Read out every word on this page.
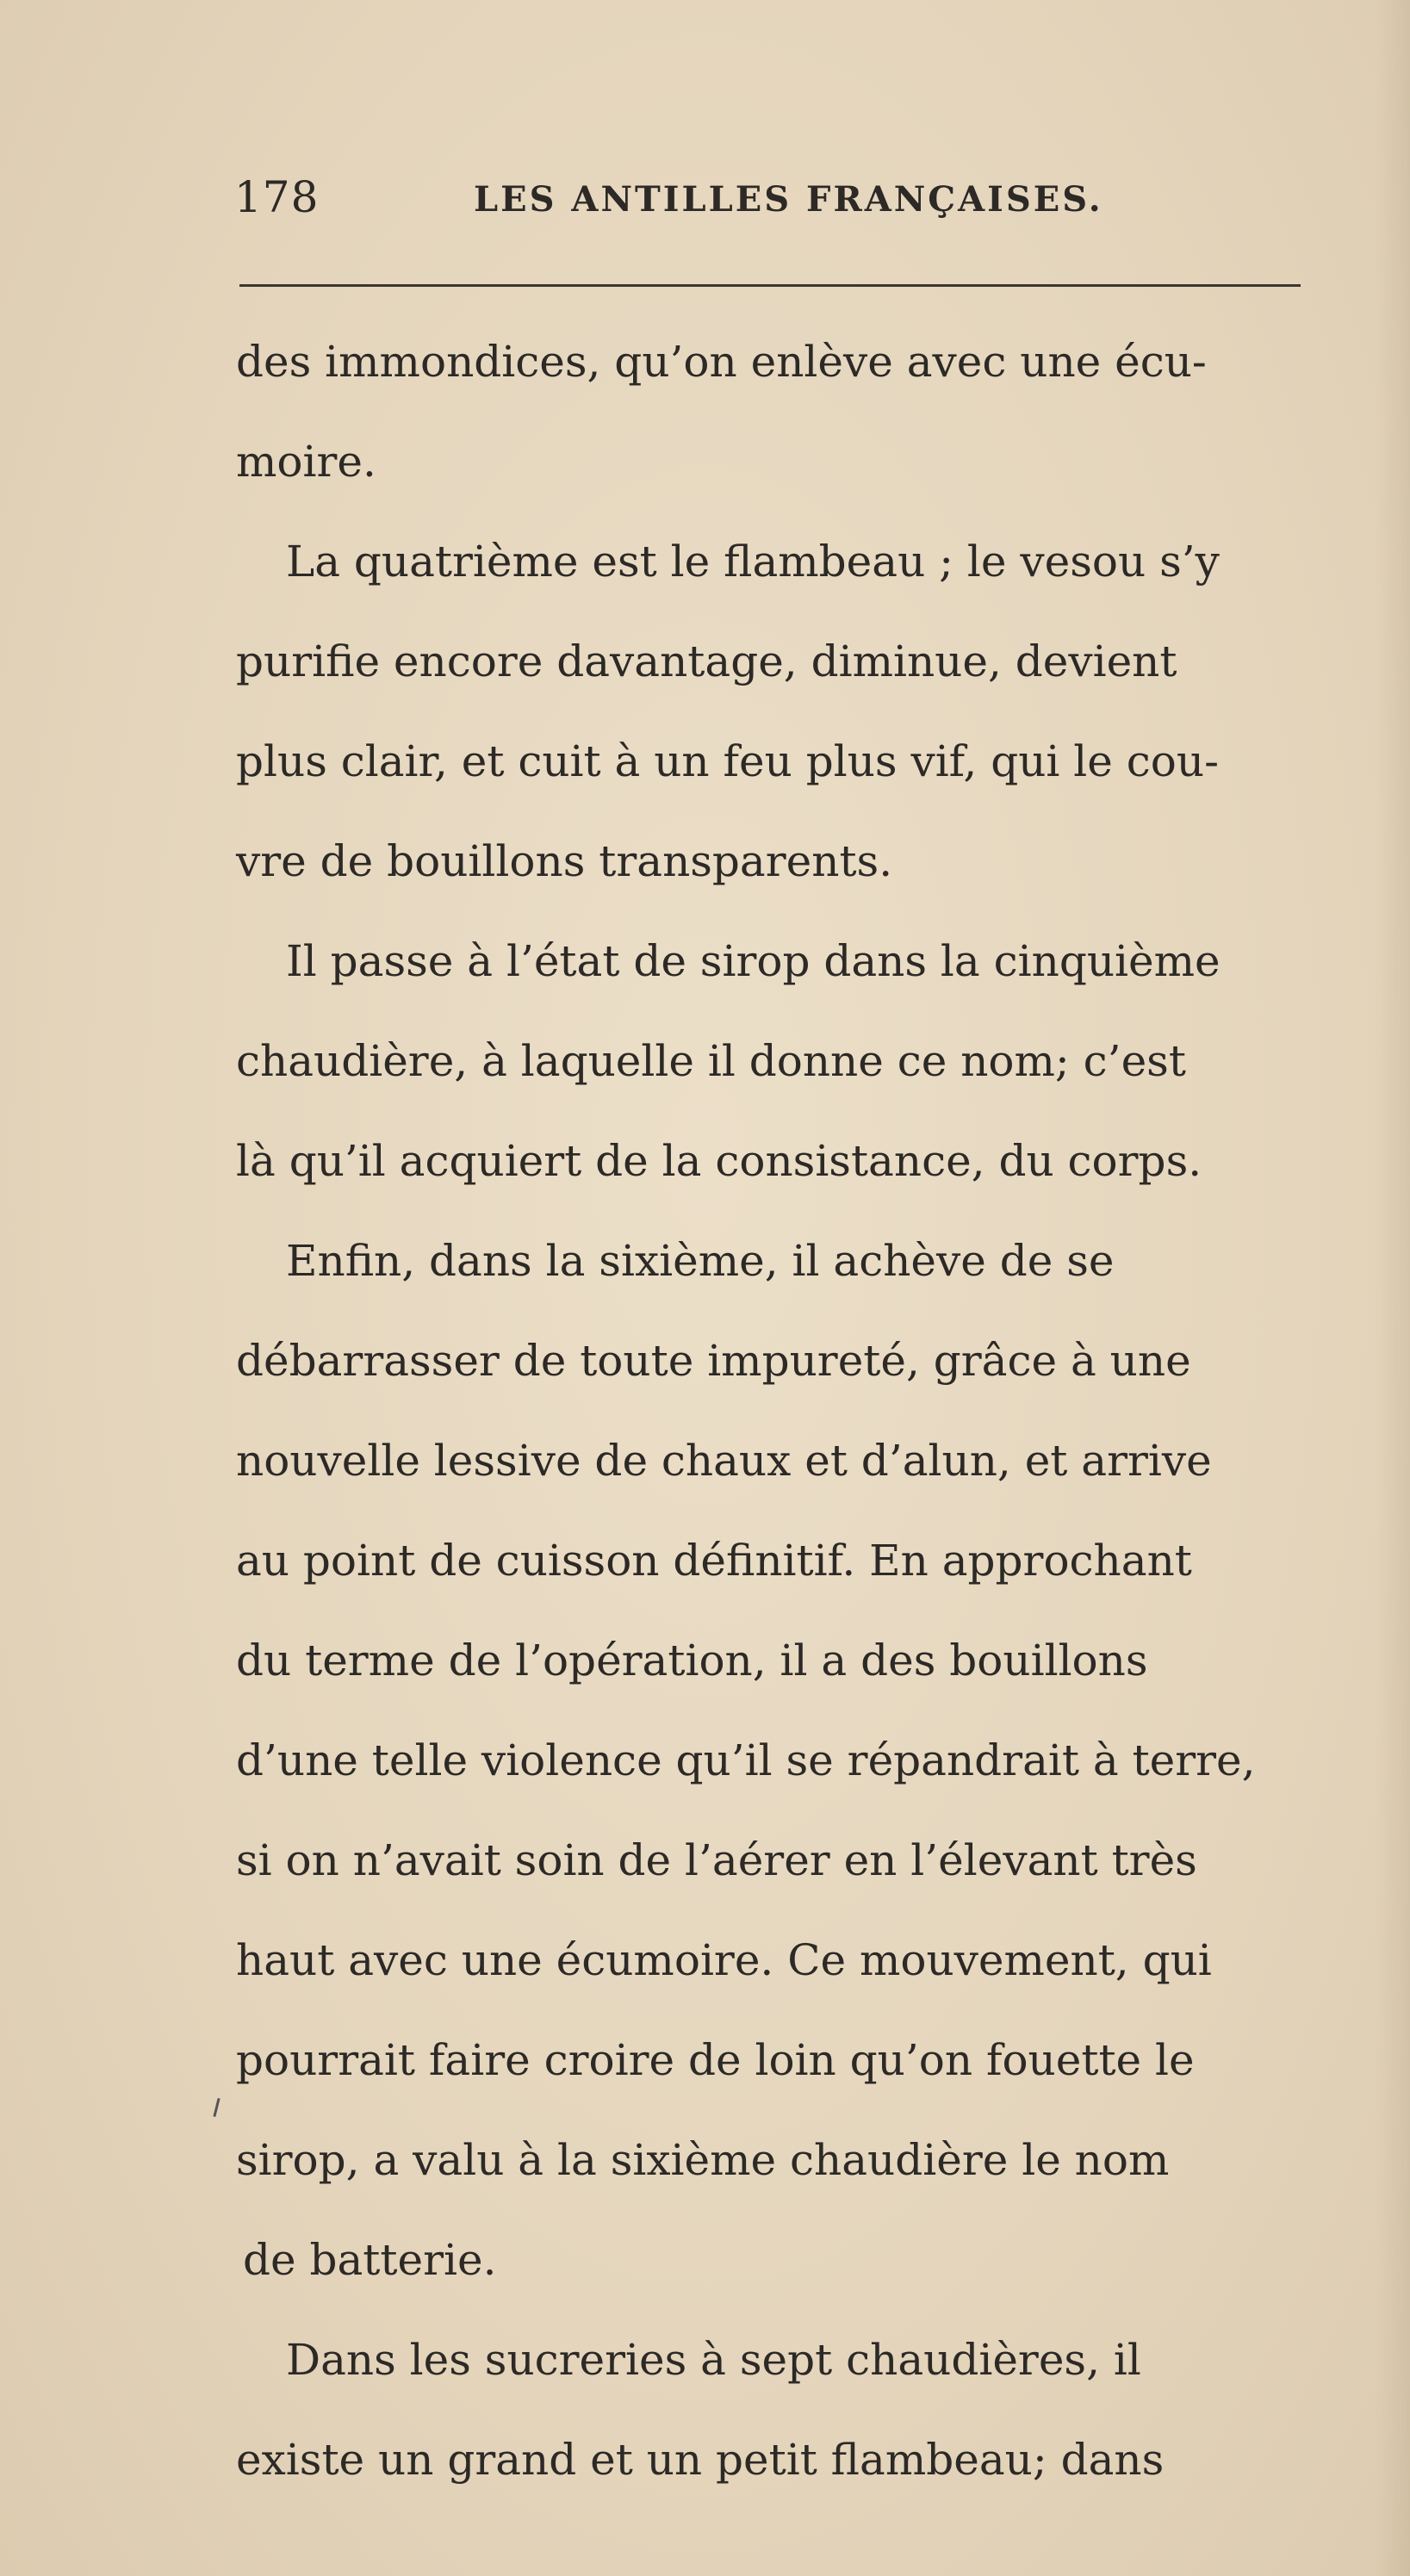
178	LES ANTILLES FRANÇAISES.
des immondices, qu’on enlève avec une écu-
moire.
La quatrième est le flambeau ; le vesou s’y
purifie encore davantage, diminue, devient
plus clair, et cuit à un feu plus vif, qui le cou-
vre de bouillons transparents.
Il passe à l’état de sirop dans la cinquième
chaudière, à laquelle il donne ce nom; c’est
là qu’il acquiert de la consistance, du corps.
Enfin, dans la sixième, il achève de se
débarrasser de toute impureté, grâce à une
nouvelle lessive de chaux et d’alun, et arrive
au point de cuisson définitif. En approchant
du terme de l’opération, il a des bouillons
d’une telle violence qu’il se répandrait à terre,
si on n’avait soin de l’aérer en l’élevant très
haut avec une écumoire. Ce mouvement, qui
pourrait faire croire de loin qu’on fouette le
sirop, a valu à la sixième chaudière le nom
de batterie.
Dans les sucreries à sept chaudières, il
existe un grand et un petit flambeau; dans
